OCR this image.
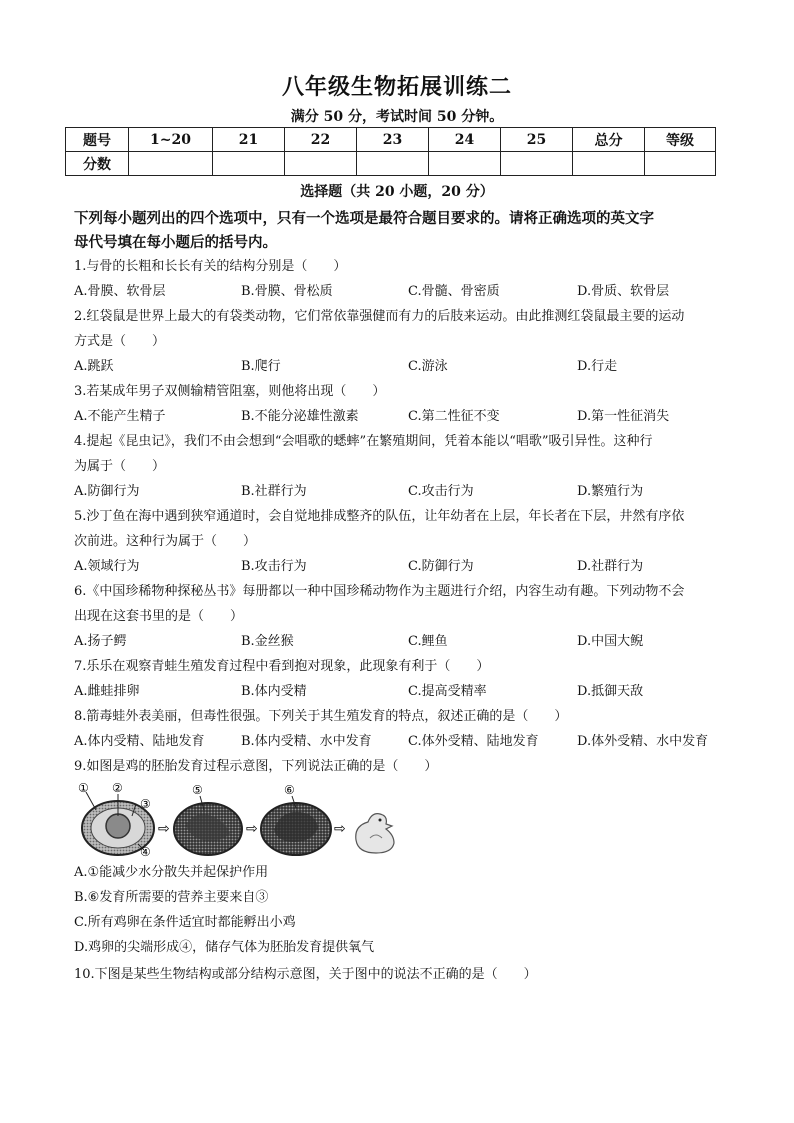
八年级生物拓展训练二
满分 50 分，考试时间 50 分钟。
题号	1~20	21	22	23	24	25	总分	等级
分数								
选择题（共 20 小题，20 分）
下列每小题列出的四个选项中，只有一个选项是最符合题目要求的。请将正确选项的英文字
母代号填在每小题后的括号内。
1.与骨的长粗和长长有关的结构分别是（　　）
A.骨膜、软骨层	B.骨膜、骨松质	C.骨髓、骨密质	D.骨质、软骨层
2.红袋鼠是世界上最大的有袋类动物，它们常依靠强健而有力的后肢来运动。由此推测红袋鼠最主要的运动
方式是（　　）
A.跳跃	B.爬行	C.游泳	D.行走
3.若某成年男子双侧输精管阻塞，则他将出现（　　）
A.不能产生精子	B.不能分泌雄性激素	C.第二性征不变	D.第一性征消失
4.提起《昆虫记》，我们不由会想到“会唱歌的蟋蟀”在繁殖期间，凭着本能以“唱歌”吸引异性。这种行
为属于（　　）
A.防御行为	B.社群行为	C.攻击行为	D.繁殖行为
5.沙丁鱼在海中遇到狭窄通道时，会自觉地排成整齐的队伍，让年幼者在上层，年长者在下层，井然有序依
次前进。这种行为属于（　　）
A.领域行为	B.攻击行为	C.防御行为	D.社群行为
6.《中国珍稀物种探秘丛书》每册都以一种中国珍稀动物作为主题进行介绍，内容生动有趣。下列动物不会
出现在这套书里的是（　　）
A.扬子鳄	B.金丝猴	C.鲤鱼	D.中国大鲵
7.乐乐在观察青蛙生殖发育过程中看到抱对现象，此现象有利于（　　）
A.雌蛙排卵	B.体内受精	C.提高受精率	D.抵御天敌
8.箭毒蛙外表美丽，但毒性很强。下列关于其生殖发育的特点，叙述正确的是（　　）
A.体内受精、陆地发育	B.体内受精、水中发育	C.体外受精、陆地发育	D.体外受精、水中发育
9.如图是鸡的胚胎发育过程示意图，下列说法正确的是（　　）
① ②
③
④
⇨
⑤
⇨
⑥
⇨
A.①能减少水分散失并起保护作用
B.⑥发育所需要的营养主要来自③
C.所有鸡卵在条件适宜时都能孵出小鸡
D.鸡卵的尖端形成④，储存气体为胚胎发育提供氧气
10.下图是某些生物结构或部分结构示意图，关于图中的说法不正确的是（　　）
